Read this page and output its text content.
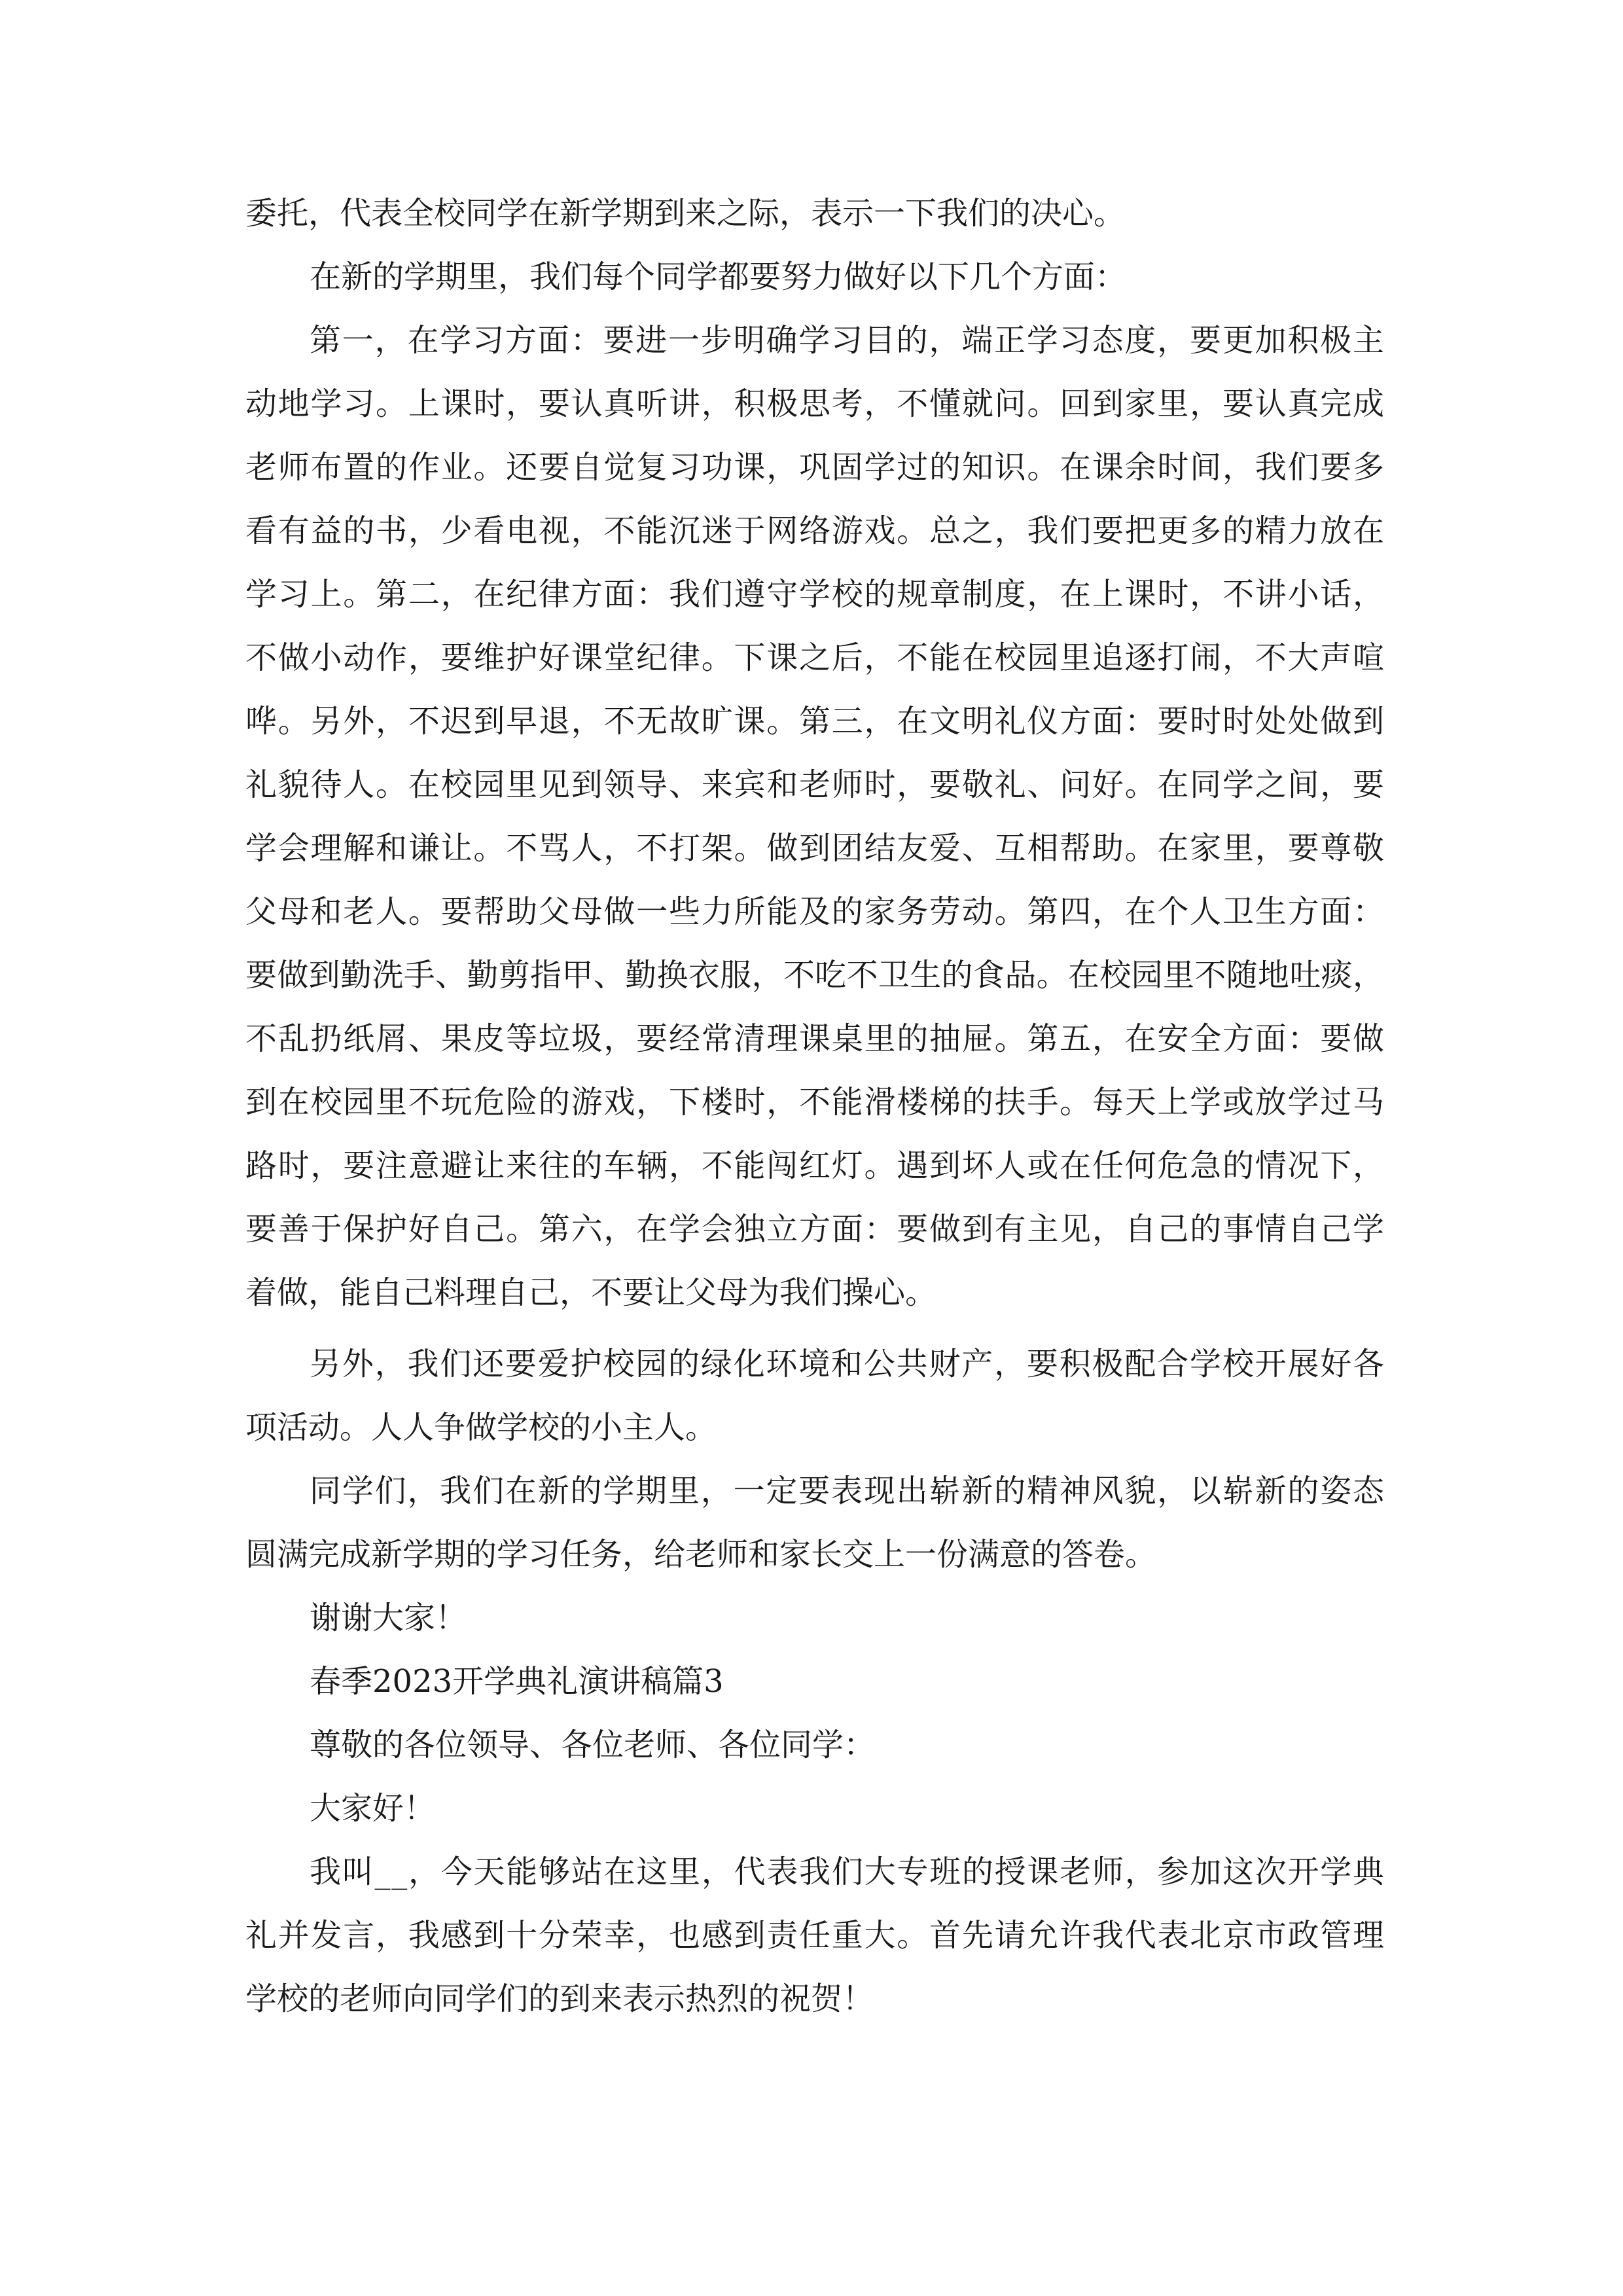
委托，代表全校同学在新学期到来之际，表示一下我们的决心。
在新的学期里，我们每个同学都要努力做好以下几个方面：
第一，在学习方面：要进一步明确学习目的，端正学习态度，要更加积极主
动地学习。上课时，要认真听讲，积极思考，不懂就问。回到家里，要认真完成
老师布置的作业。还要自觉复习功课，巩固学过的知识。在课余时间，我们要多
看有益的书，少看电视，不能沉迷于网络游戏。总之，我们要把更多的精力放在
学习上。第二，在纪律方面：我们遵守学校的规章制度，在上课时，不讲小话，
不做小动作，要维护好课堂纪律。下课之后，不能在校园里追逐打闹，不大声喧
哗。另外，不迟到早退，不无故旷课。第三，在文明礼仪方面：要时时处处做到
礼貌待人。在校园里见到领导、来宾和老师时，要敬礼、问好。在同学之间，要
学会理解和谦让。不骂人，不打架。做到团结友爱、互相帮助。在家里，要尊敬
父母和老人。要帮助父母做一些力所能及的家务劳动。第四，在个人卫生方面：
要做到勤洗手、勤剪指甲、勤换衣服，不吃不卫生的食品。在校园里不随地吐痰，
不乱扔纸屑、果皮等垃圾，要经常清理课桌里的抽屉。第五，在安全方面：要做
到在校园里不玩危险的游戏，下楼时，不能滑楼梯的扶手。每天上学或放学过马
路时，要注意避让来往的车辆，不能闯红灯。遇到坏人或在任何危急的情况下，
要善于保护好自己。第六，在学会独立方面：要做到有主见，自己的事情自己学
着做，能自己料理自己，不要让父母为我们操心。
另外，我们还要爱护校园的绿化环境和公共财产，要积极配合学校开展好各
项活动。人人争做学校的小主人。
同学们，我们在新的学期里，一定要表现出崭新的精神风貌，以崭新的姿态
圆满完成新学期的学习任务，给老师和家长交上一份满意的答卷。
谢谢大家！
春季2023开学典礼演讲稿篇3
尊敬的各位领导、各位老师、各位同学：
大家好！
我叫__，今天能够站在这里，代表我们大专班的授课老师，参加这次开学典
礼并发言，我感到十分荣幸，也感到责任重大。首先请允许我代表北京市政管理
学校的老师向同学们的到来表示热烈的祝贺！
